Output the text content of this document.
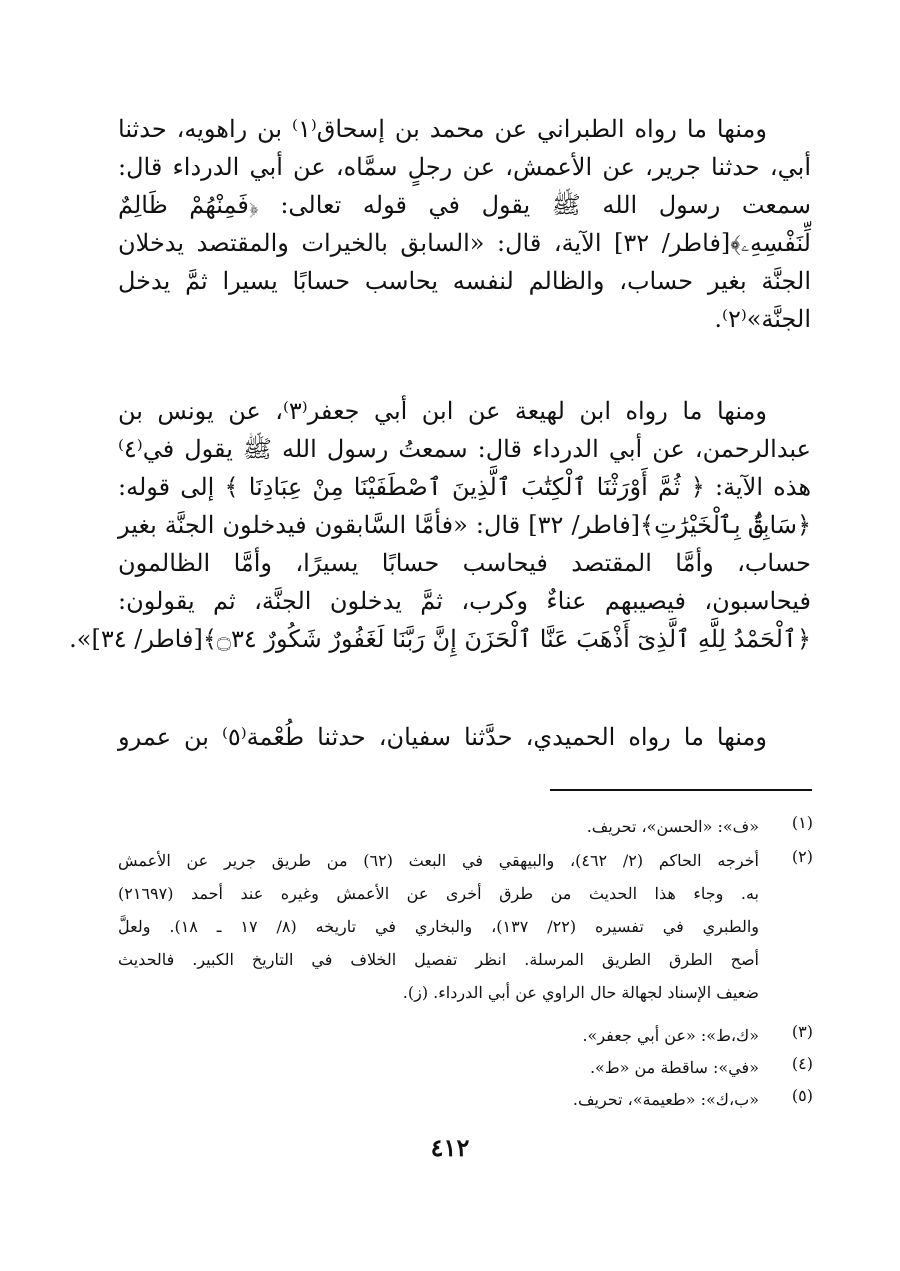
ومنها ما رواه الطبراني عن محمد بن إسحاق⁽١⁾ بن راهويه، حدثنا
أبي، حدثنا جرير، عن الأعمش، عن رجلٍ سمَّاه، عن أبي الدرداء قال:
سمعت رسول الله ﷺ يقول في قوله تعالى: ﴿فَمِنْهُمْ ظَالِمٌ
لِّنَفْسِهِۦ﴾[فاطر/ ٣٢] الآية، قال: «السابق بالخيرات والمقتصد يدخلان
الجنَّة بغير حساب، والظالم لنفسه يحاسب حسابًا يسيرا ثمَّ يدخل
الجنَّة»⁽٢⁾.
ومنها ما رواه ابن لهيعة عن ابن أبي جعفر⁽٣⁾، عن يونس بن
عبدالرحمن، عن أبي الدرداء قال: سمعتُ رسول الله ﷺ يقول في⁽٤⁾
هذه الآية: ﴿ ثُمَّ أَوْرَثْنَا ٱلْكِتَٰبَ ٱلَّذِينَ ٱصْطَفَيْنَا مِنْ عِبَادِنَا ﴾ إلى قوله:
﴿سَابِقٌۢ بِٱلْخَيْرَٰتِ﴾[فاطر/ ٣٢] قال: «فأمَّا السَّابقون فيدخلون الجنَّة بغير
حساب، وأمَّا المقتصد فيحاسب حسابًا يسيرًا، وأمَّا الظالمون
فيحاسبون، فيصيبهم عناءٌ وكرب، ثمَّ يدخلون الجنَّة، ثم يقولون:
﴿ٱلْحَمْدُ لِلَّهِ ٱلَّذِىٓ أَذْهَبَ عَنَّا ٱلْحَزَنَ إِنَّ رَبَّنَا لَغَفُورٌ شَكُورٌ ۝٣٤﴾[فاطر/ ٣٤]».
ومنها ما رواه الحميدي، حدَّثنا سفيان، حدثنا طُعْمة⁽٥⁾ بن عمرو
(١)
«ف»: «الحسن»، تحريف.
(٢)
أخرجه الحاكم (٢/ ٤٦٢)، والبيهقي في البعث (٦٢) من طريق جرير عن الأعمش
به. وجاء هذا الحديث من طرق أخرى عن الأعمش وغيره عند أحمد (٢١٦٩٧)
والطبري في تفسيره (٢٢/ ١٣٧)، والبخاري في تاريخه (٨/ ١٧ ـ ١٨). ولعلَّ
أصح الطرق الطريق المرسلة. انظر تفصيل الخلاف في التاريخ الكبير. فالحديث
ضعيف الإسناد لجهالة حال الراوي عن أبي الدرداء. (ز).
(٣)
«ك،ط»: «عن أبي جعفر».
(٤)
«في»: ساقطة من «ط».
(٥)
«ب،ك»: «طعيمة»، تحريف.
٤١٢
